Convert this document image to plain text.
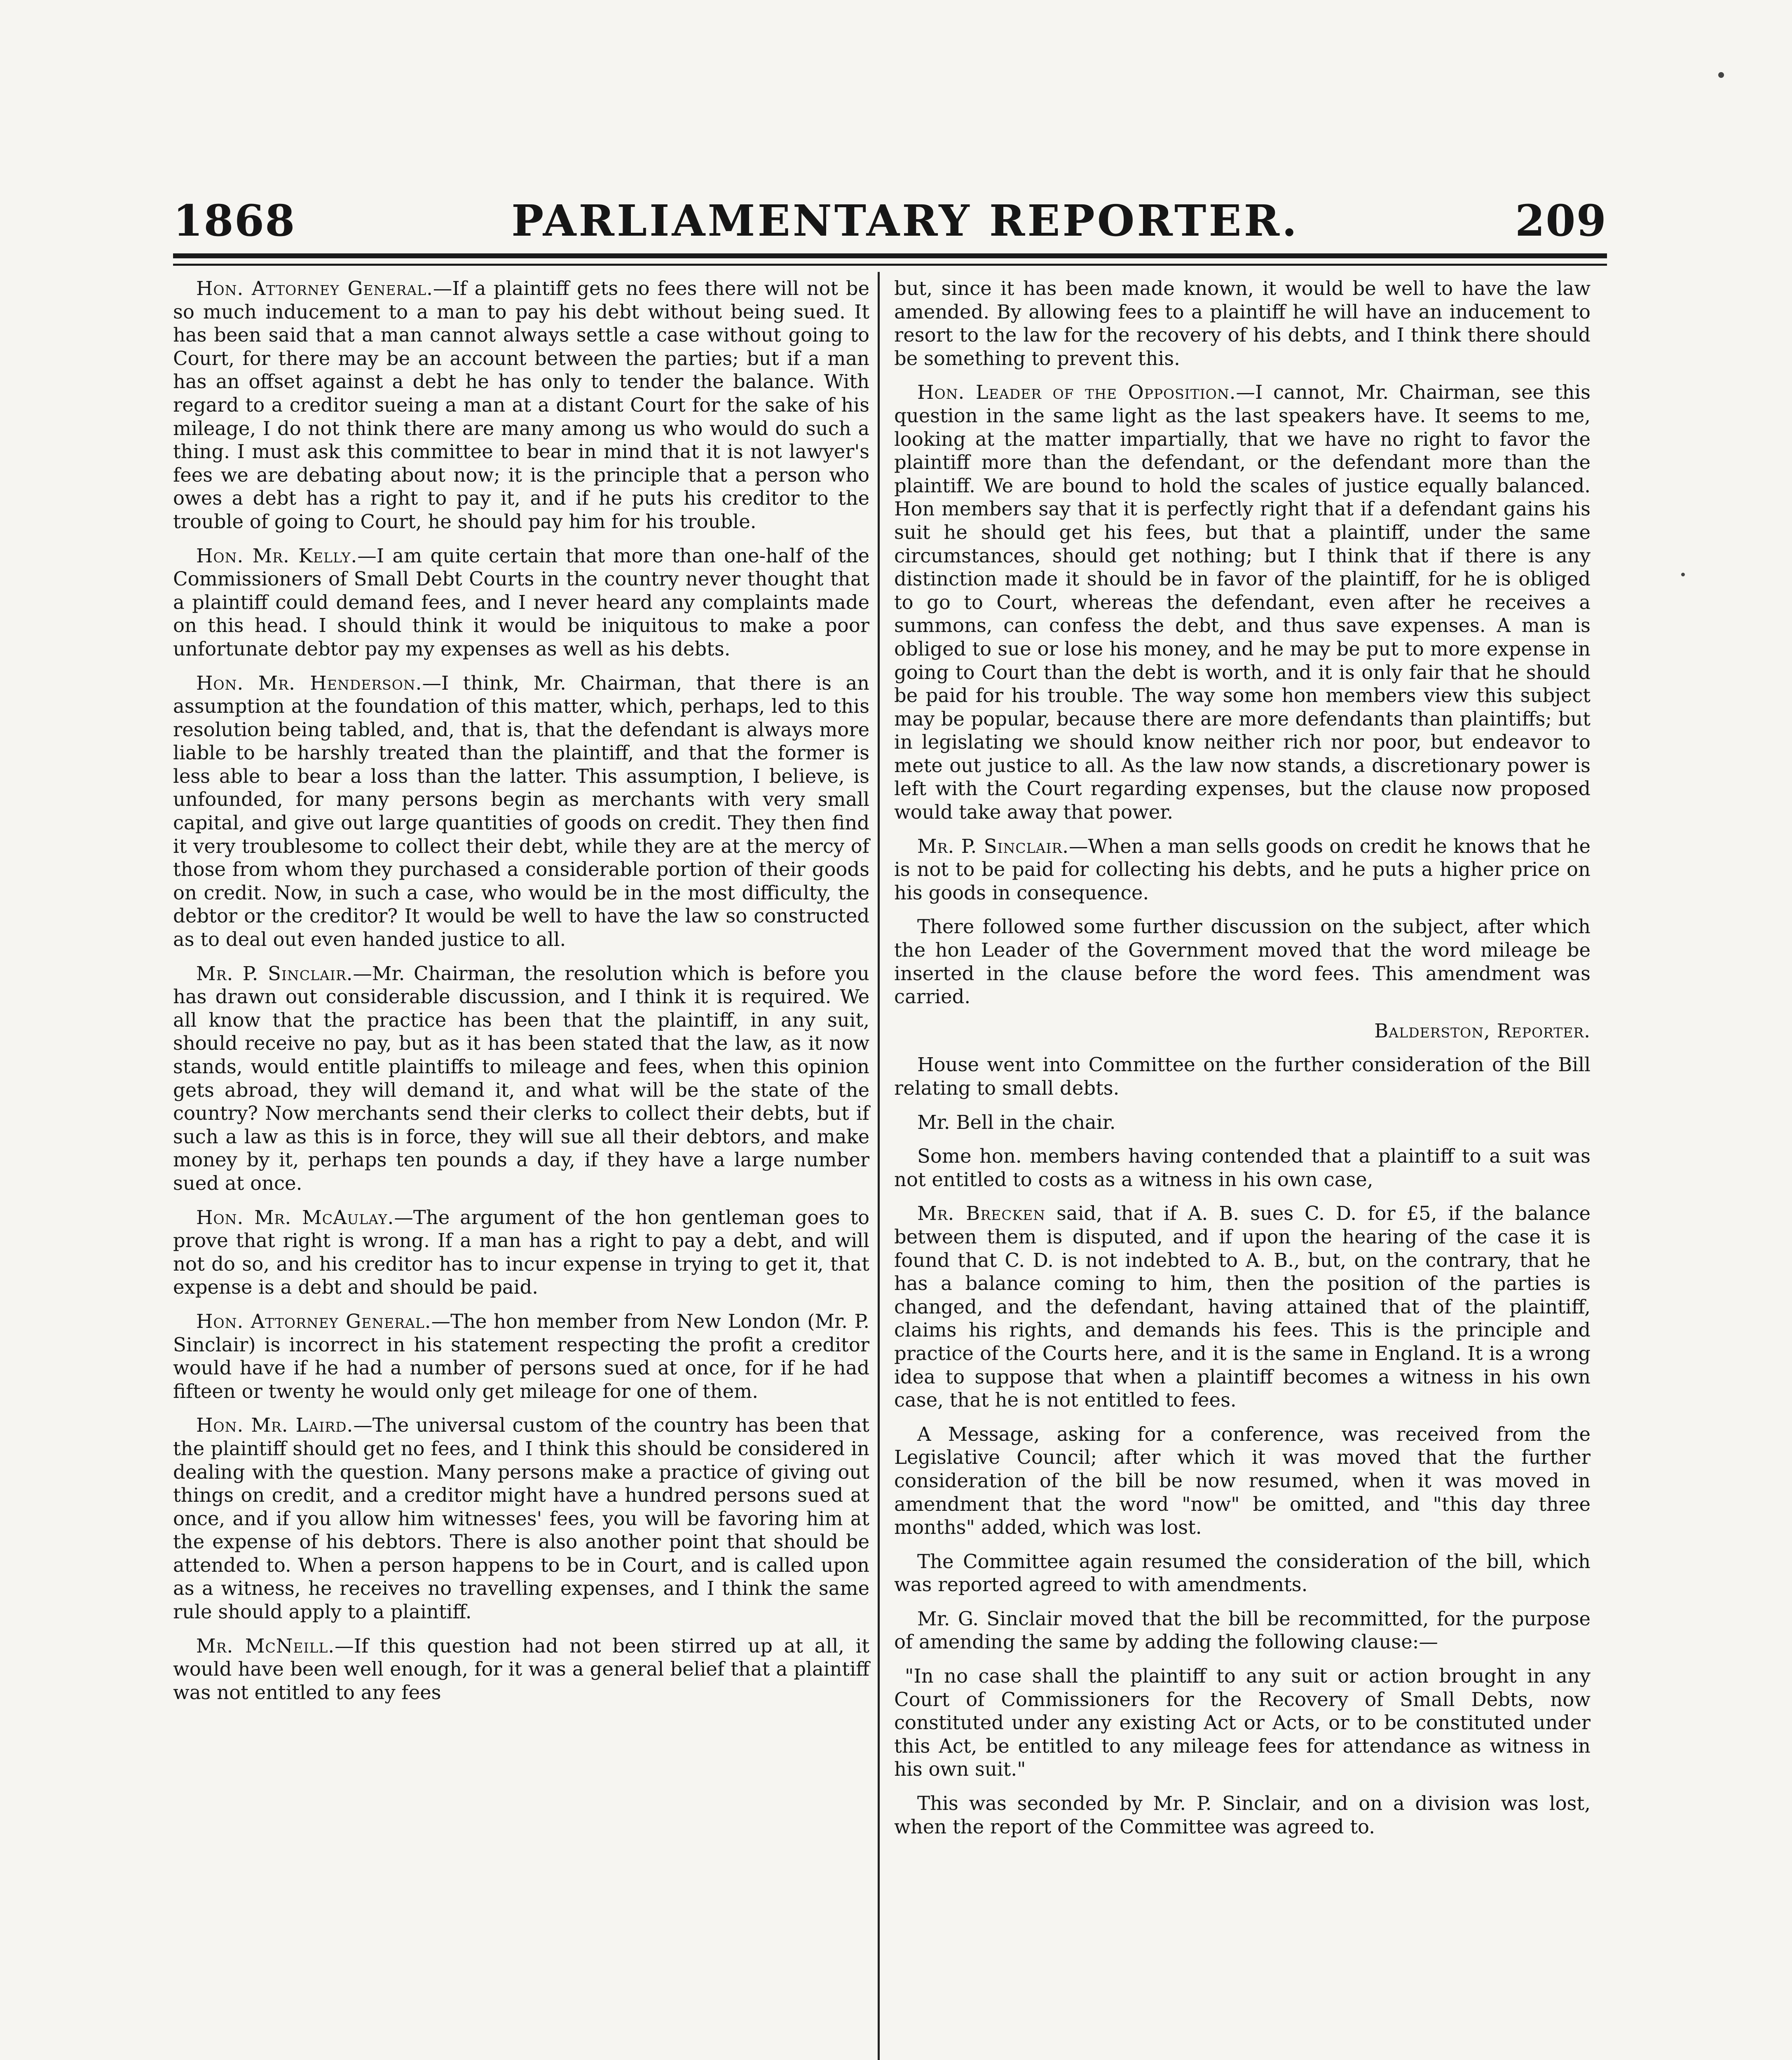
1868	PARLIAMENTARY REPORTER.	209

Hon. Attorney General.—If a plaintiff gets no fees there will not be so much inducement to a man to pay his debt without being sued. It has been said that a man cannot always settle a case without going to Court, for there may be an account between the parties; but if a man has an offset against a debt he has only to tender the balance. With regard to a creditor sueing a man at a distant Court for the sake of his mileage, I do not think there are many among us who would do such a thing. I must ask this committee to bear in mind that it is not lawyer's fees we are debating about now; it is the principle that a person who owes a debt has a right to pay it, and if he puts his creditor to the trouble of going to Court, he should pay him for his trouble.

Hon. Mr. Kelly.—I am quite certain that more than one-half of the Commissioners of Small Debt Courts in the country never thought that a plaintiff could demand fees, and I never heard any complaints made on this head. I should think it would be iniquitous to make a poor unfortunate debtor pay my expenses as well as his debts.

Hon. Mr. Henderson.—I think, Mr. Chairman, that there is an assumption at the foundation of this matter, which, perhaps, led to this resolution being tabled, and, that is, that the defendant is always more liable to be harshly treated than the plaintiff, and that the former is less able to bear a loss than the latter. This assumption, I believe, is unfounded, for many persons begin as merchants with very small capital, and give out large quantities of goods on credit. They then find it very troublesome to collect their debt, while they are at the mercy of those from whom they purchased a considerable portion of their goods on credit. Now, in such a case, who would be in the most difficulty, the debtor or the creditor? It would be well to have the law so constructed as to deal out even handed justice to all.

Mr. P. Sinclair.—Mr. Chairman, the resolution which is before you has drawn out considerable discussion, and I think it is required. We all know that the practice has been that the plaintiff, in any suit, should receive no pay, but as it has been stated that the law, as it now stands, would entitle plaintiffs to mileage and fees, when this opinion gets abroad, they will demand it, and what will be the state of the country? Now merchants send their clerks to collect their debts, but if such a law as this is in force, they will sue all their debtors, and make money by it, perhaps ten pounds a day, if they have a large number sued at once.

Hon. Mr. McAulay.—The argument of the hon gentleman goes to prove that right is wrong. If a man has a right to pay a debt, and will not do so, and his creditor has to incur expense in trying to get it, that expense is a debt and should be paid.

Hon. Attorney General.—The hon member from New London (Mr. P. Sinclair) is incorrect in his statement respecting the profit a creditor would have if he had a number of persons sued at once, for if he had fifteen or twenty he would only get mileage for one of them.

Hon. Mr. Laird.—The universal custom of the country has been that the plaintiff should get no fees, and I think this should be considered in dealing with the question. Many persons make a practice of giving out things on credit, and a creditor might have a hundred persons sued at once, and if you allow him witnesses' fees, you will be favoring him at the expense of his debtors. There is also another point that should be attended to. When a person happens to be in Court, and is called upon as a witness, he receives no travelling expenses, and I think the same rule should apply to a plaintiff.

Mr. McNeill.—If this question had not been stirred up at all, it would have been well enough, for it was a general belief that a plaintiff was not entitled to any fees

but, since it has been made known, it would be well to have the law amended. By allowing fees to a plaintiff he will have an inducement to resort to the law for the recovery of his debts, and I think there should be something to prevent this.

Hon. Leader of the Opposition.—I cannot, Mr. Chairman, see this question in the same light as the last speakers have. It seems to me, looking at the matter impartially, that we have no right to favor the plaintiff more than the defendant, or the defendant more than the plaintiff. We are bound to hold the scales of justice equally balanced. Hon members say that it is perfectly right that if a defendant gains his suit he should get his fees, but that a plaintiff, under the same circumstances, should get nothing; but I think that if there is any distinction made it should be in favor of the plaintiff, for he is obliged to go to Court, whereas the defendant, even after he receives a summons, can confess the debt, and thus save expenses. A man is obliged to sue or lose his money, and he may be put to more expense in going to Court than the debt is worth, and it is only fair that he should be paid for his trouble. The way some hon members view this subject may be popular, because there are more defendants than plaintiffs; but in legislating we should know neither rich nor poor, but endeavor to mete out justice to all. As the law now stands, a discretionary power is left with the Court regarding expenses, but the clause now proposed would take away that power.

Mr. P. Sinclair.—When a man sells goods on credit he knows that he is not to be paid for collecting his debts, and he puts a higher price on his goods in consequence.

There followed some further discussion on the subject, after which the hon Leader of the Government moved that the word mileage be inserted in the clause before the word fees. This amendment was carried.

Balderston, Reporter.

House went into Committee on the further consideration of the Bill relating to small debts.

Mr. Bell in the chair.

Some hon. members having contended that a plaintiff to a suit was not entitled to costs as a witness in his own case,

Mr. Brecken said, that if A. B. sues C. D. for £5, if the balance between them is disputed, and if upon the hearing of the case it is found that C. D. is not indebted to A. B., but, on the contrary, that he has a balance coming to him, then the position of the parties is changed, and the defendant, having attained that of the plaintiff, claims his rights, and demands his fees. This is the principle and practice of the Courts here, and it is the same in England. It is a wrong idea to suppose that when a plaintiff becomes a witness in his own case, that he is not entitled to fees.

A Message, asking for a conference, was received from the Legislative Council; after which it was moved that the further consideration of the bill be now resumed, when it was moved in amendment that the word "now" be omitted, and "this day three months" added, which was lost.

The Committee again resumed the consideration of the bill, which was reported agreed to with amendments.

Mr. G. Sinclair moved that the bill be recommitted, for the purpose of amending the same by adding the following clause:—

"In no case shall the plaintiff to any suit or action brought in any Court of Commissioners for the Recovery of Small Debts, now constituted under any existing Act or Acts, or to be constituted under this Act, be entitled to any mileage fees for attendance as witness in his own suit."

This was seconded by Mr. P. Sinclair, and on a division was lost, when the report of the Committee was agreed to.
